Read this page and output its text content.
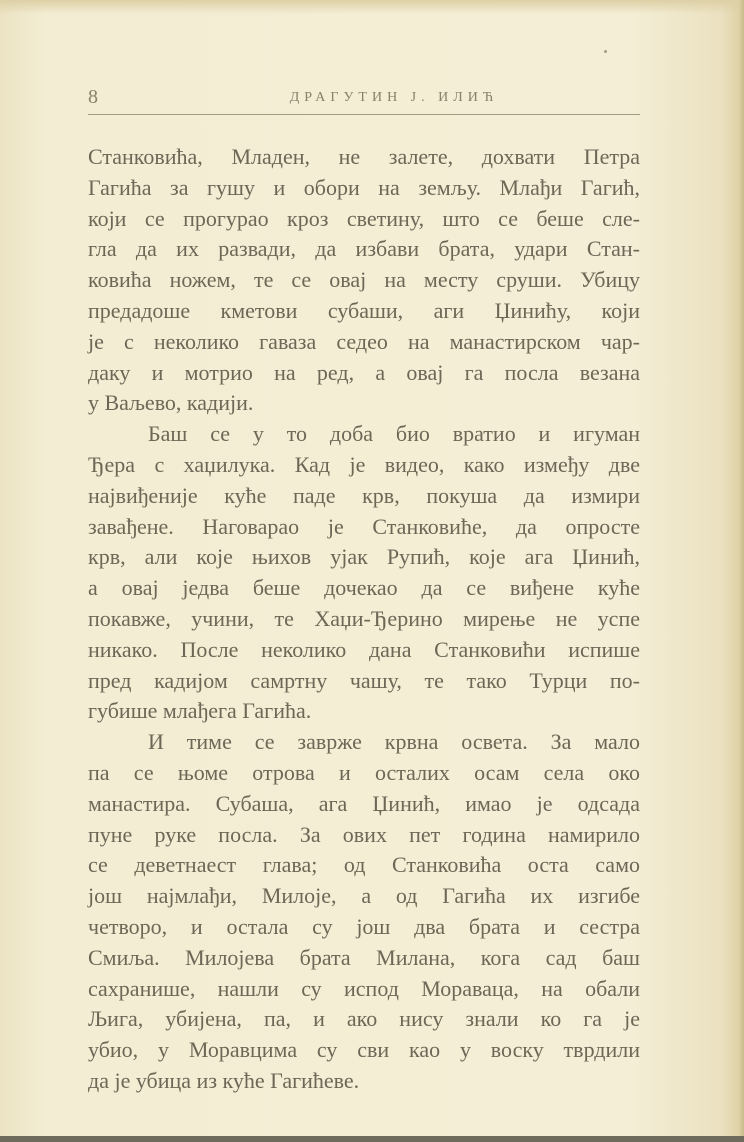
8	ДРАГУТИН Ј. ИЛИЋ
Станковића, Младен, не залете, дохвати Петра
Гагића за гушу и обори на земљу. Млађи Гагић,
који се прогурао кроз светину, што се беше сле-
гла да их развади, да избави брата, удари Стан-
ковића ножем, те се овај на месту сруши. Убицу
предадоше кметови субаши, аги Џинићу, који
је с неколико гаваза седео на манастирском чар-
даку и мотрио на ред, а овај га посла везана
у Ваљево, кадији.
Баш се у то доба био вратио и игуман
Ђера с хаџилука. Кад је видео, како између две
највиђеније куће паде крв, покуша да измири
завађене. Наговарао је Станковиће, да опросте
крв, али које њихов ујак Рупић, које ага Џинић,
а овај једва беше дочекао да се виђене куће
покавже, учини, те Хаџи-Ђерино мирење не успе
никако. После неколико дана Станковићи испише
пред кадијом самртну чашу, те тако Турци по-
губише млађега Гагића.
И тиме се заврже крвна освета. За мало
па се њоме отрова и осталих осам села око
манастира. Субаша, ага Џинић, имао је одсада
пуне руке посла. За ових пет година намирило
се деветнаест глава; од Станковића оста само
још најмлађи, Милоје, а од Гагића их изгибе
четворо, и остала су још два брата и сестра
Смиља. Милојева брата Милана, кога сад баш
сахранише, нашли су испод Мораваца, на обали
Љига, убијена, па, и ако нису знали ко га је
убио, у Моравцима су сви као у воску тврдили
да је убица из куће Гагићеве.
